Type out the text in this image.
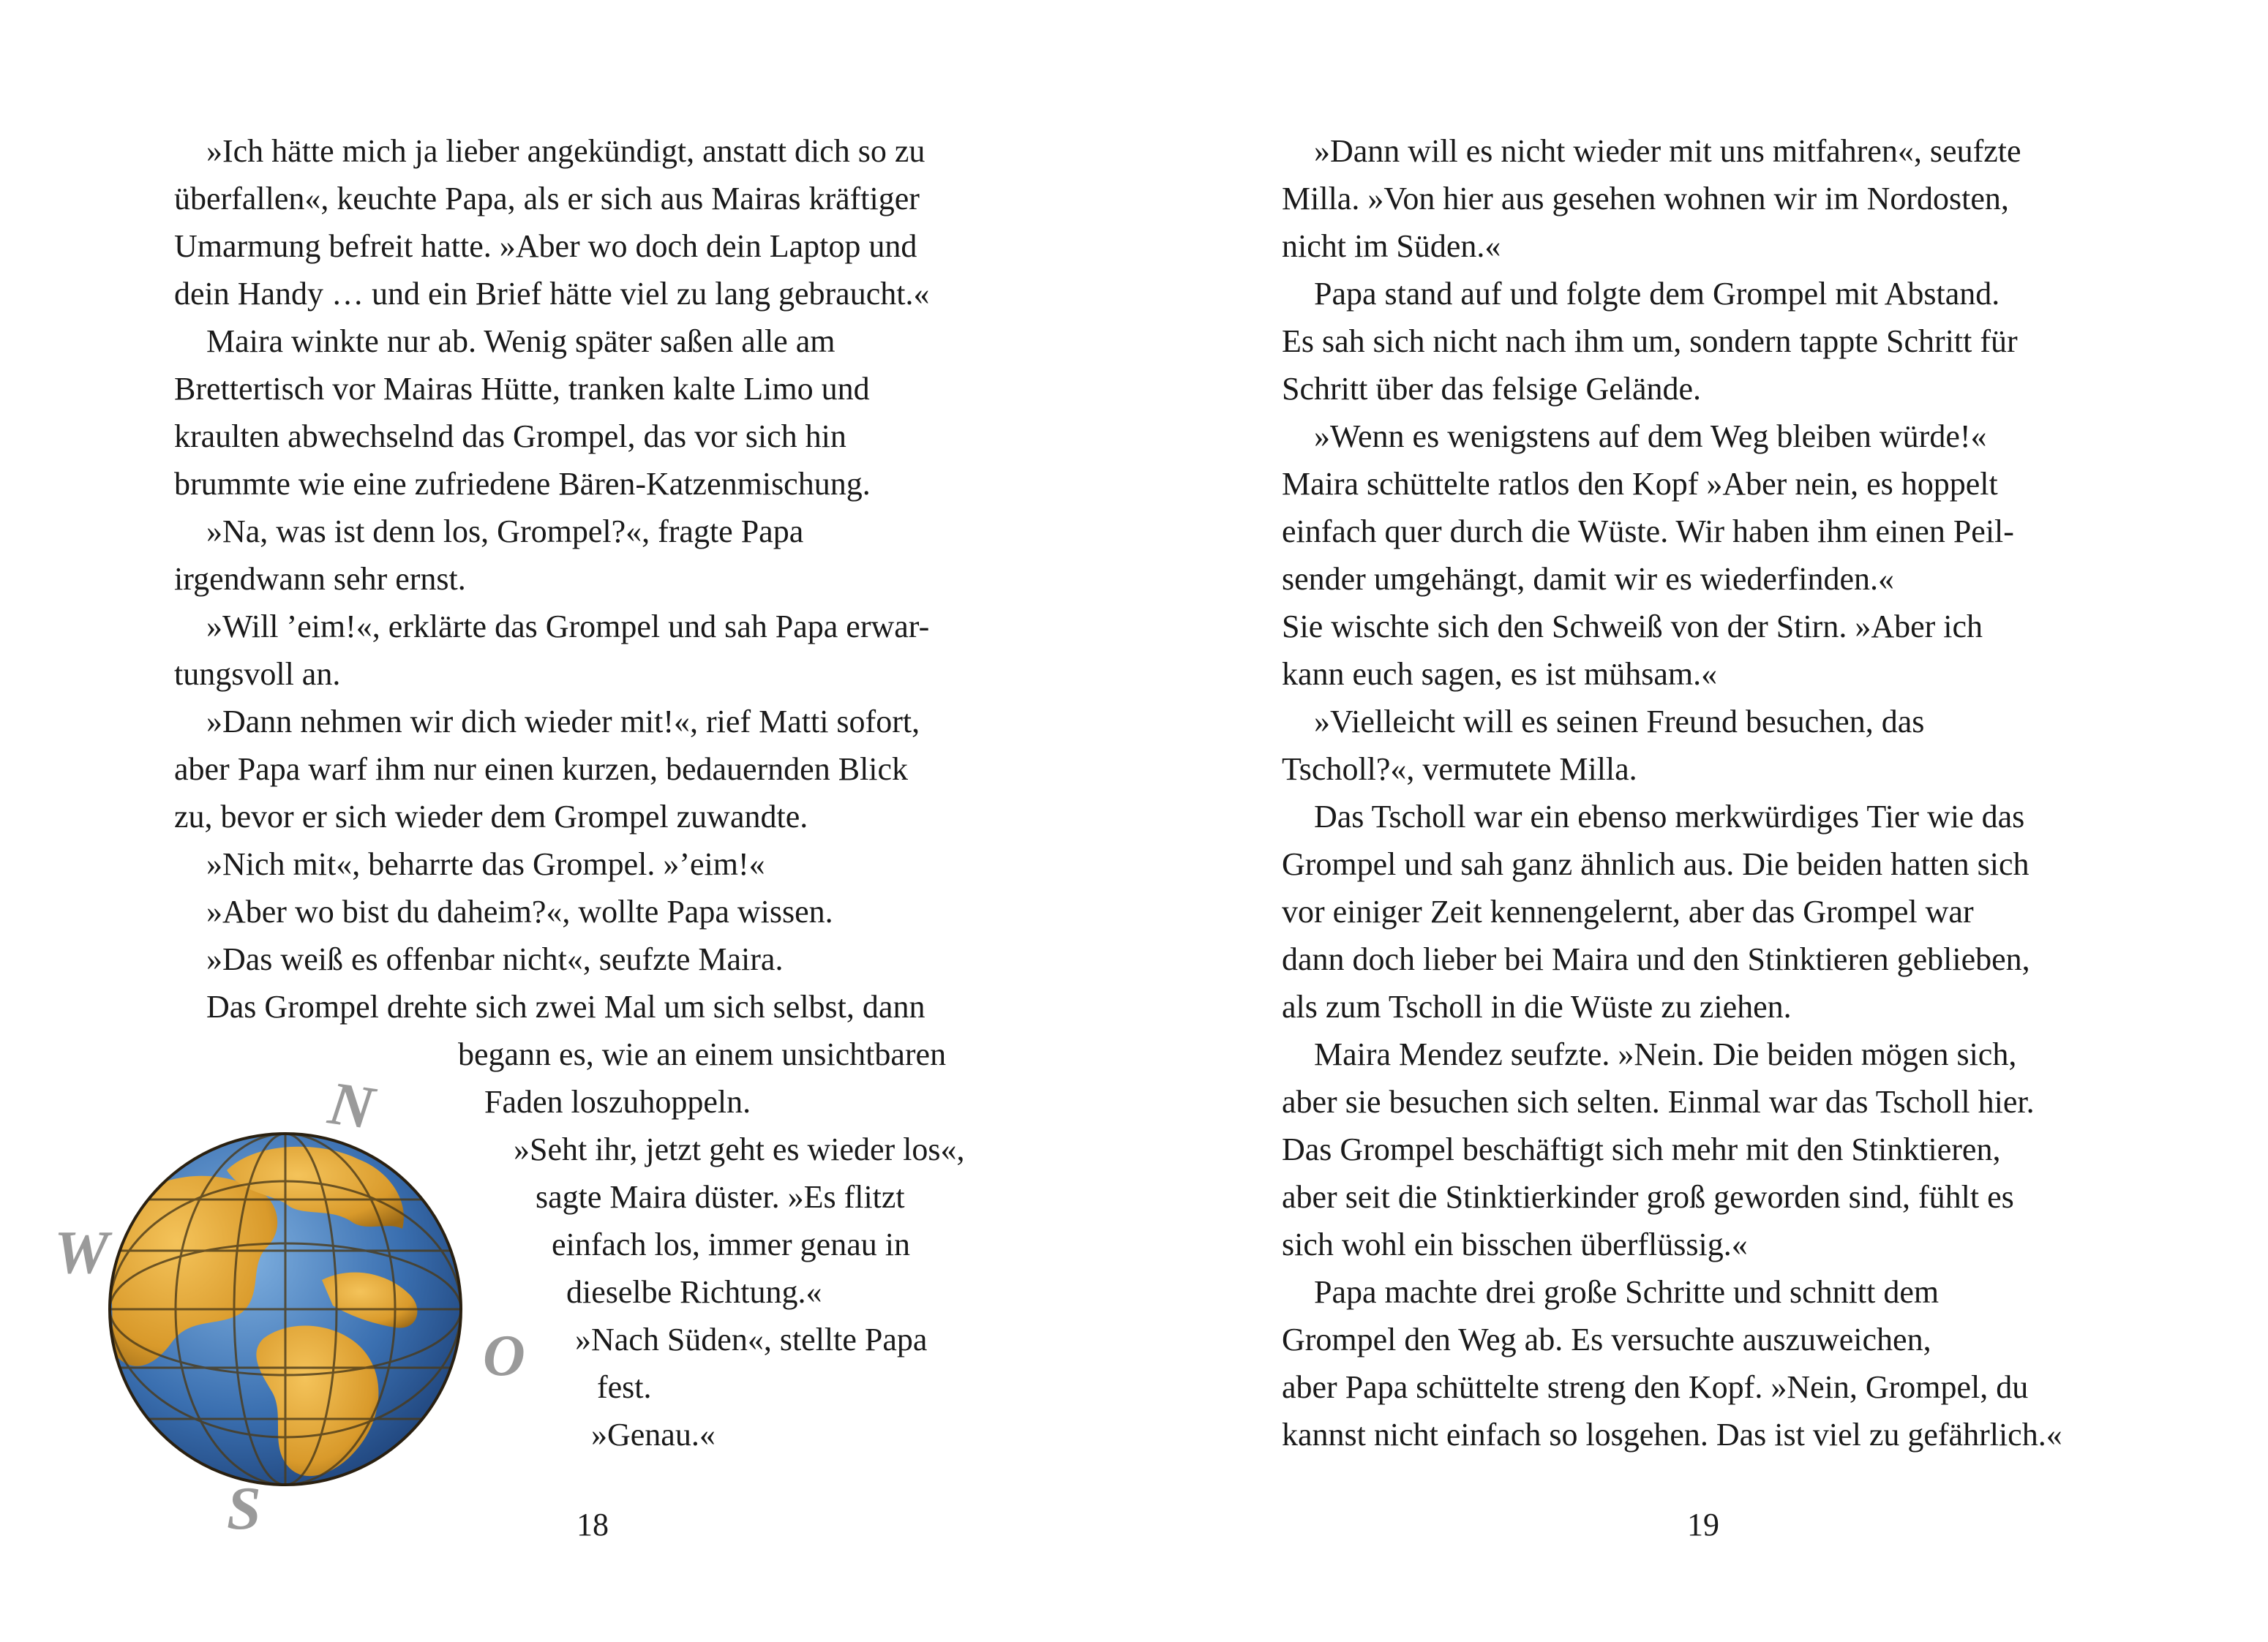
»Ich hätte mich ja lieber angekündigt, anstatt dich so zu
überfallen«, keuchte Papa, als er sich aus Mairas kräftiger
Umarmung befreit hatte. »Aber wo doch dein Laptop und
dein Handy … und ein Brief hätte viel zu lang gebraucht.«
Maira winkte nur ab. Wenig später saßen alle am
Brettertisch vor Mairas Hütte, tranken kalte Limo und
kraulten abwechselnd das Grompel, das vor sich hin
brummte wie eine zufriedene Bären-Katzenmischung.
»Na, was ist denn los, Grompel?«, fragte Papa
irgendwann sehr ernst.
»Will ’eim!«, erklärte das Grompel und sah Papa erwar-
tungsvoll an.
»Dann nehmen wir dich wieder mit!«, rief Matti sofort,
aber Papa warf ihm nur einen kurzen, bedauernden Blick
zu, bevor er sich wieder dem Grompel zuwandte.
»Nich mit«, beharrte das Grompel. »’eim!«
»Aber wo bist du daheim?«, wollte Papa wissen.
»Das weiß es offenbar nicht«, seufzte Maira.
Das Grompel drehte sich zwei Mal um sich selbst, dann
begann es, wie an einem unsichtbaren
Faden loszuhoppeln.
»Seht ihr, jetzt geht es wieder los«,
sagte Maira düster. »Es flitzt
einfach los, immer genau in
dieselbe Richtung.«
»Nach Süden«, stellte Papa
fest.
»Genau.«
N
W
O
S	18
»Dann will es nicht wieder mit uns mitfahren«, seufzte
Milla. »Von hier aus gesehen wohnen wir im Nordosten,
nicht im Süden.«
Papa stand auf und folgte dem Grompel mit Abstand.
Es sah sich nicht nach ihm um, sondern tappte Schritt für
Schritt über das felsige Gelände.
»Wenn es wenigstens auf dem Weg bleiben würde!«
Maira schüttelte ratlos den Kopf »Aber nein, es hoppelt
einfach quer durch die Wüste. Wir haben ihm einen Peil-
sender umgehängt, damit wir es wiederfinden.«
Sie wischte sich den Schweiß von der Stirn. »Aber ich
kann euch sagen, es ist mühsam.«
»Vielleicht will es seinen Freund besuchen, das
Tscholl?«, vermutete Milla.
Das Tscholl war ein ebenso merkwürdiges Tier wie das
Grompel und sah ganz ähnlich aus. Die beiden hatten sich
vor einiger Zeit kennengelernt, aber das Grompel war
dann doch lieber bei Maira und den Stinktieren geblieben,
als zum Tscholl in die Wüste zu ziehen.
Maira Mendez seufzte. »Nein. Die beiden mögen sich,
aber sie besuchen sich selten. Einmal war das Tscholl hier.
Das Grompel beschäftigt sich mehr mit den Stinktieren,
aber seit die Stinktierkinder groß geworden sind, fühlt es
sich wohl ein bisschen überflüssig.«
Papa machte drei große Schritte und schnitt dem
Grompel den Weg ab. Es versuchte auszuweichen,
aber Papa schüttelte streng den Kopf. »Nein, Grompel, du
kannst nicht einfach so losgehen. Das ist viel zu gefährlich.«
19
